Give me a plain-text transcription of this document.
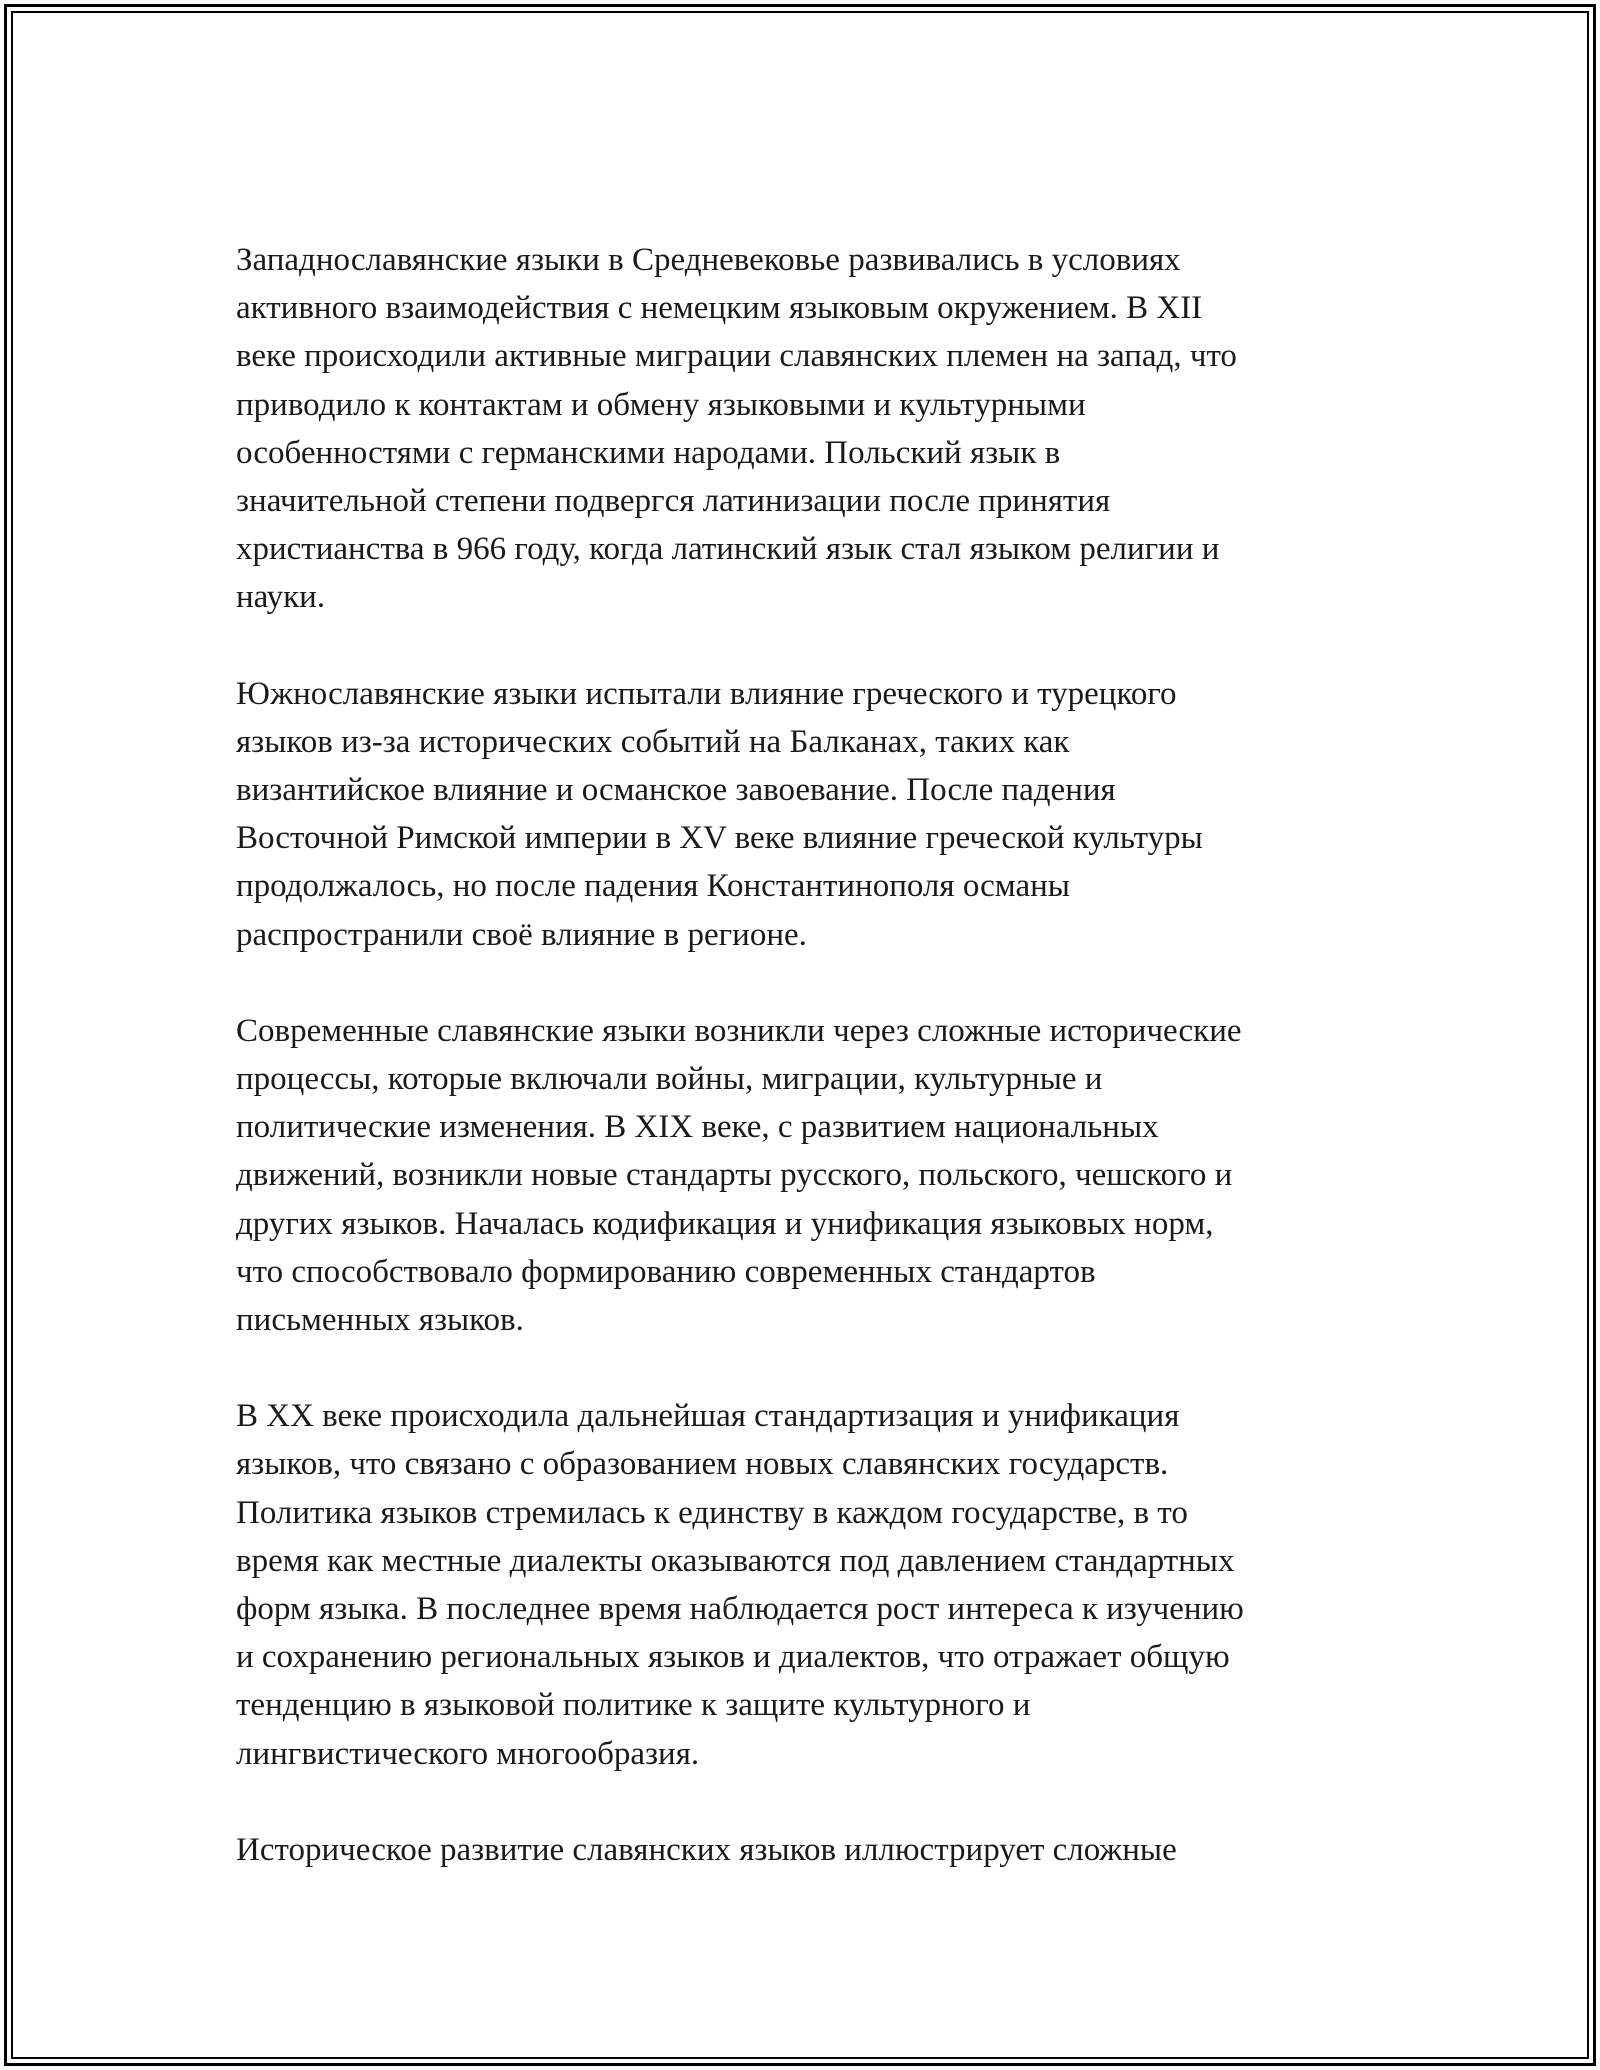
Западнославянские языки в Средневековье развивались в условиях
активного взаимодействия с немецким языковым окружением. В XII
веке происходили активные миграции славянских племен на запад, что
приводило к контактам и обмену языковыми и культурными
особенностями с германскими народами. Польский язык в
значительной степени подвергся латинизации после принятия
христианства в 966 году, когда латинский язык стал языком религии и
науки.

Южнославянские языки испытали влияние греческого и турецкого
языков из-за исторических событий на Балканах, таких как
византийское влияние и османское завоевание. После падения
Восточной Римской империи в XV веке влияние греческой культуры
продолжалось, но после падения Константинополя османы
распространили своё влияние в регионе.

Современные славянские языки возникли через сложные исторические
процессы, которые включали войны, миграции, культурные и
политические изменения. В XIX веке, с развитием национальных
движений, возникли новые стандарты русского, польского, чешского и
других языков. Началась кодификация и унификация языковых норм,
что способствовало формированию современных стандартов
письменных языков.

В XX веке происходила дальнейшая стандартизация и унификация
языков, что связано с образованием новых славянских государств.
Политика языков стремилась к единству в каждом государстве, в то
время как местные диалекты оказываются под давлением стандартных
форм языка. В последнее время наблюдается рост интереса к изучению
и сохранению региональных языков и диалектов, что отражает общую
тенденцию в языковой политике к защите культурного и
лингвистического многообразия.

Историческое развитие славянских языков иллюстрирует сложные
